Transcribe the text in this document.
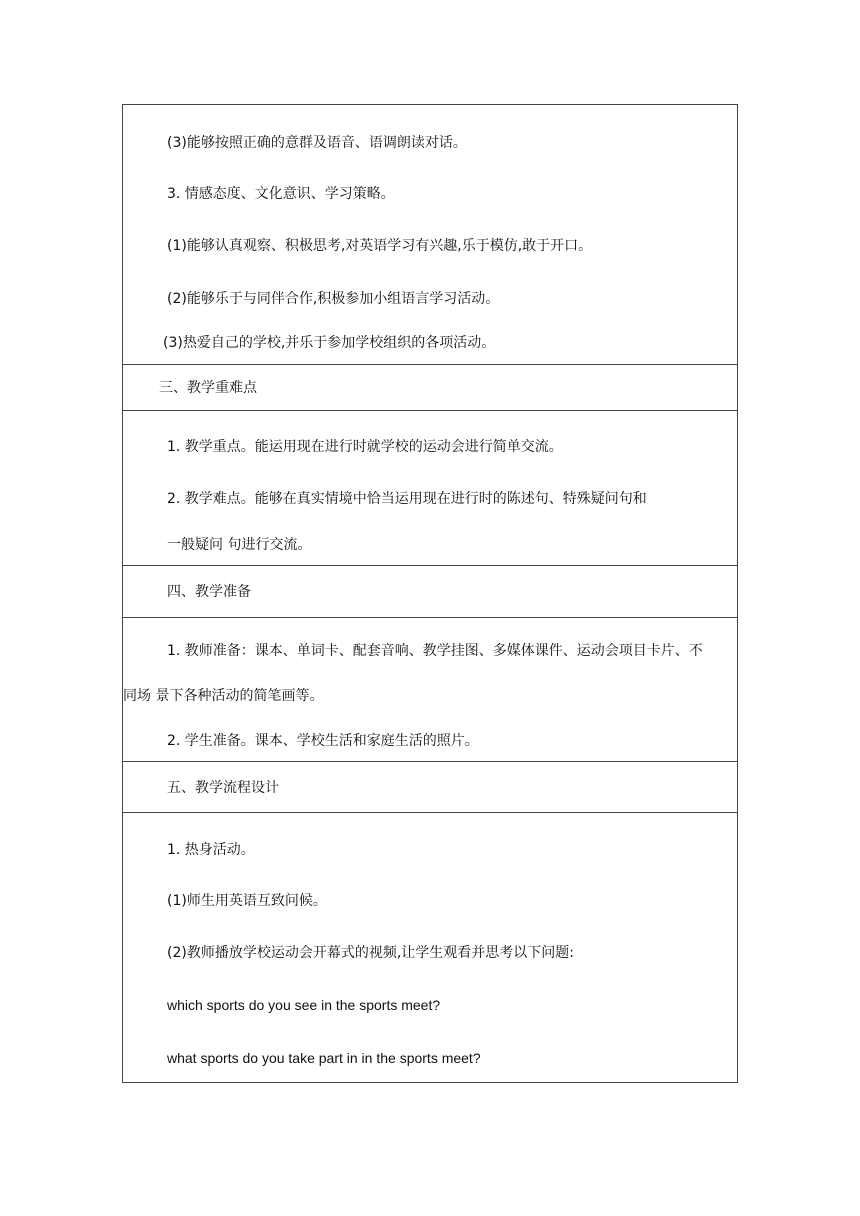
(3)能够按照正确的意群及语音、语调朗读对话。
3. 情感态度、文化意识、学习策略。
(1)能够认真观察、积极思考,对英语学习有兴趣,乐于模仿,敢于开口。
(2)能够乐于与同伴合作,积极参加小组语言学习活动。
(3)热爱自己的学校,并乐于参加学校组织的各项活动。
三、教学重难点
1. 教学重点。能运用现在进行时就学校的运动会进行简单交流。
2. 教学难点。能够在真实情境中恰当运用现在进行时的陈述句、特殊疑问句和
一般疑问 句进行交流。
四、教学准备
1. 教师准备：课本、单词卡、配套音响、教学挂图、多媒体课件、运动会项目卡片、不
同场 景下各种活动的简笔画等。
2. 学生准备。课本、学校生活和家庭生活的照片。
五、教学流程设计
1. 热身活动。
(1)师生用英语互致问候。
(2)教师播放学校运动会开幕式的视频,让学生观看并思考以下问题:
which sports do you see in the sports meet?
what sports do you take part in in the sports meet?
